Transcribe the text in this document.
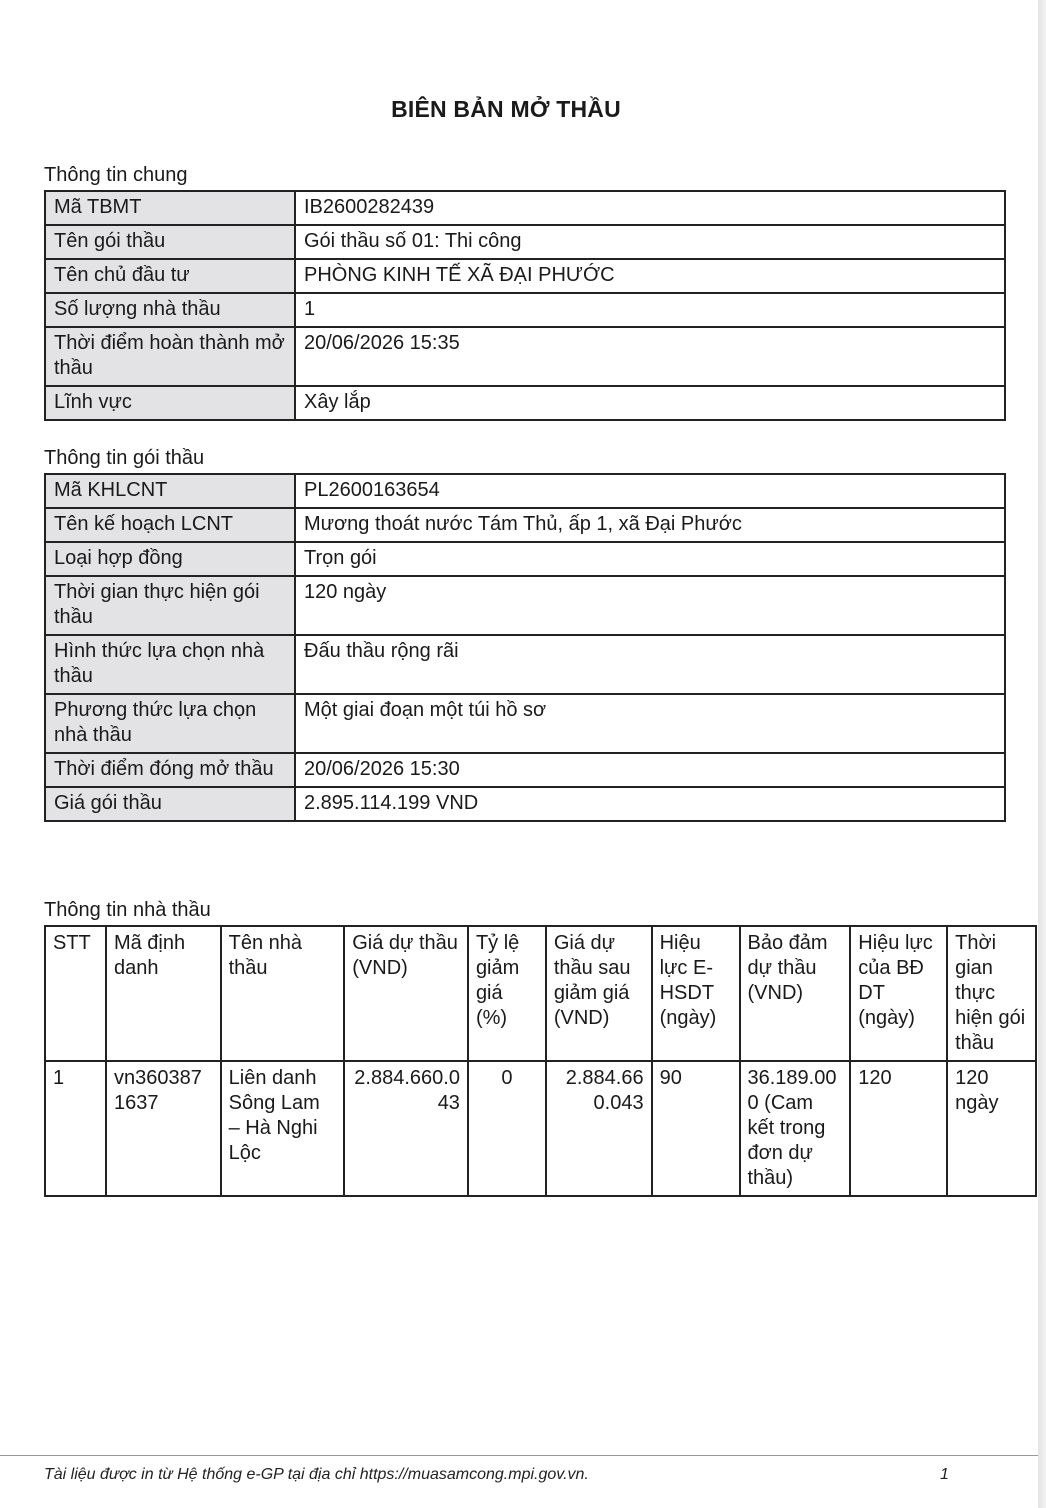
BIÊN BẢN MỞ THẦU
Thông tin chung
Mã TBMT	IB2600282439
Tên gói thầu	Gói thầu số 01: Thi công
Tên chủ đầu tư	PHÒNG KINH TẾ XÃ ĐẠI PHƯỚC
Số lượng nhà thầu	1
Thời điểm hoàn thành mở thầu	20/06/2026 15:35
Lĩnh vực	Xây lắp
Thông tin gói thầu
Mã KHLCNT	PL2600163654
Tên kế hoạch LCNT	Mương thoát nước Tám Thủ, ấp 1, xã Đại Phước
Loại hợp đồng	Trọn gói
Thời gian thực hiện gói thầu	120 ngày
Hình thức lựa chọn nhà thầu	Đấu thầu rộng rãi
Phương thức lựa chọn nhà thầu	Một giai đoạn một túi hồ sơ
Thời điểm đóng mở thầu	20/06/2026 15:30
Giá gói thầu	2.895.114.199 VND
Thông tin nhà thầu
STT	Mã định danh	Tên nhà thầu	Giá dự thầu (VND)	Tỷ lệ giảm giá (%)	Giá dự thầu sau giảm giá (VND)	Hiệu lực E-HSDT (ngày)	Bảo đảm dự thầu (VND)	Hiệu lực của BĐ DT (ngày)	Thời gian thực hiện gói thầu
1	vn3603871637	Liên danh Sông Lam – Hà Nghi Lộc	2.884.660.043	0	2.884.660.043	90	36.189.000 (Cam kết trong đơn dự thầu)	120	120 ngày
Tài liệu được in từ Hệ thống e-GP tại địa chỉ https://muasamcong.mpi.gov.vn.	1
